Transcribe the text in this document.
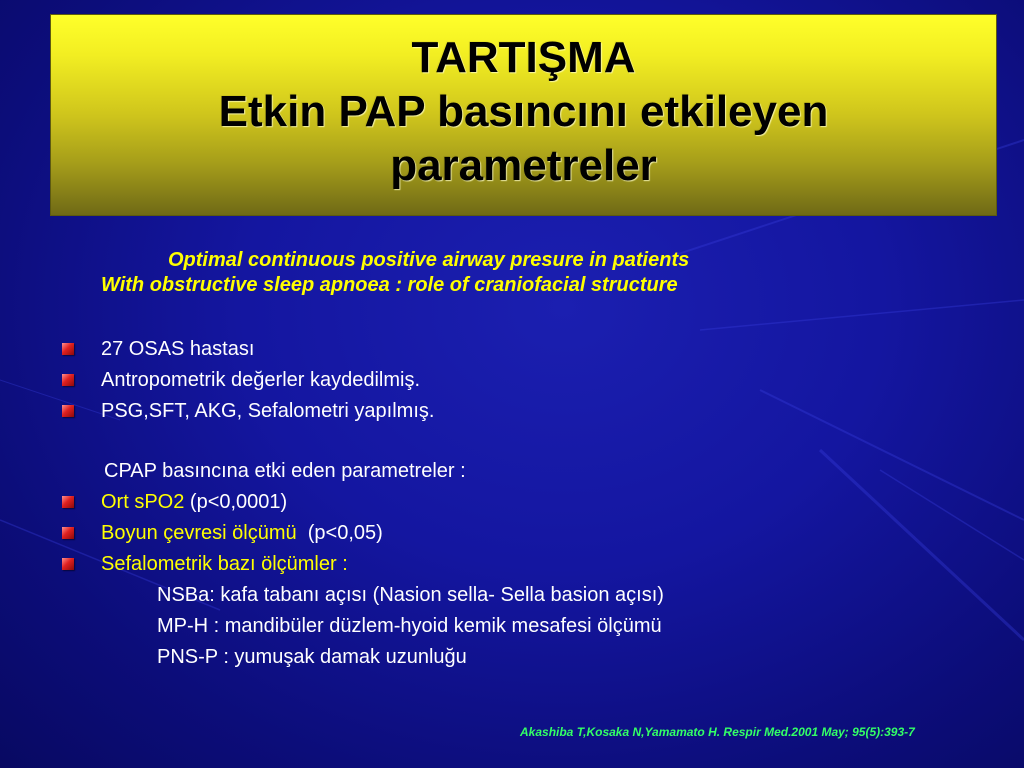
TARTIŞMA
Etkin PAP basıncını etkileyen
parametreler
Optimal continuous positive airway presure in patients
With obstructive sleep apnoea : role of craniofacial structure
27 OSAS hastası
Antropometrik değerler kaydedilmiş.
PSG,SFT, AKG, Sefalometri yapılmış.
CPAP basıncına etki eden parametreler :
Ort sPO2 (p<0,0001)
Boyun çevresi ölçümü  (p<0,05)
Sefalometrik bazı ölçümler :
NSBa: kafa tabanı açısı (Nasion sella- Sella basion açısı)
MP-H : mandibüler düzlem-hyoid kemik mesafesi ölçümü
PNS-P : yumuşak damak uzunluğu
Akashiba T,Kosaka N,Yamamato H. Respir Med.2001 May; 95(5):393-7
